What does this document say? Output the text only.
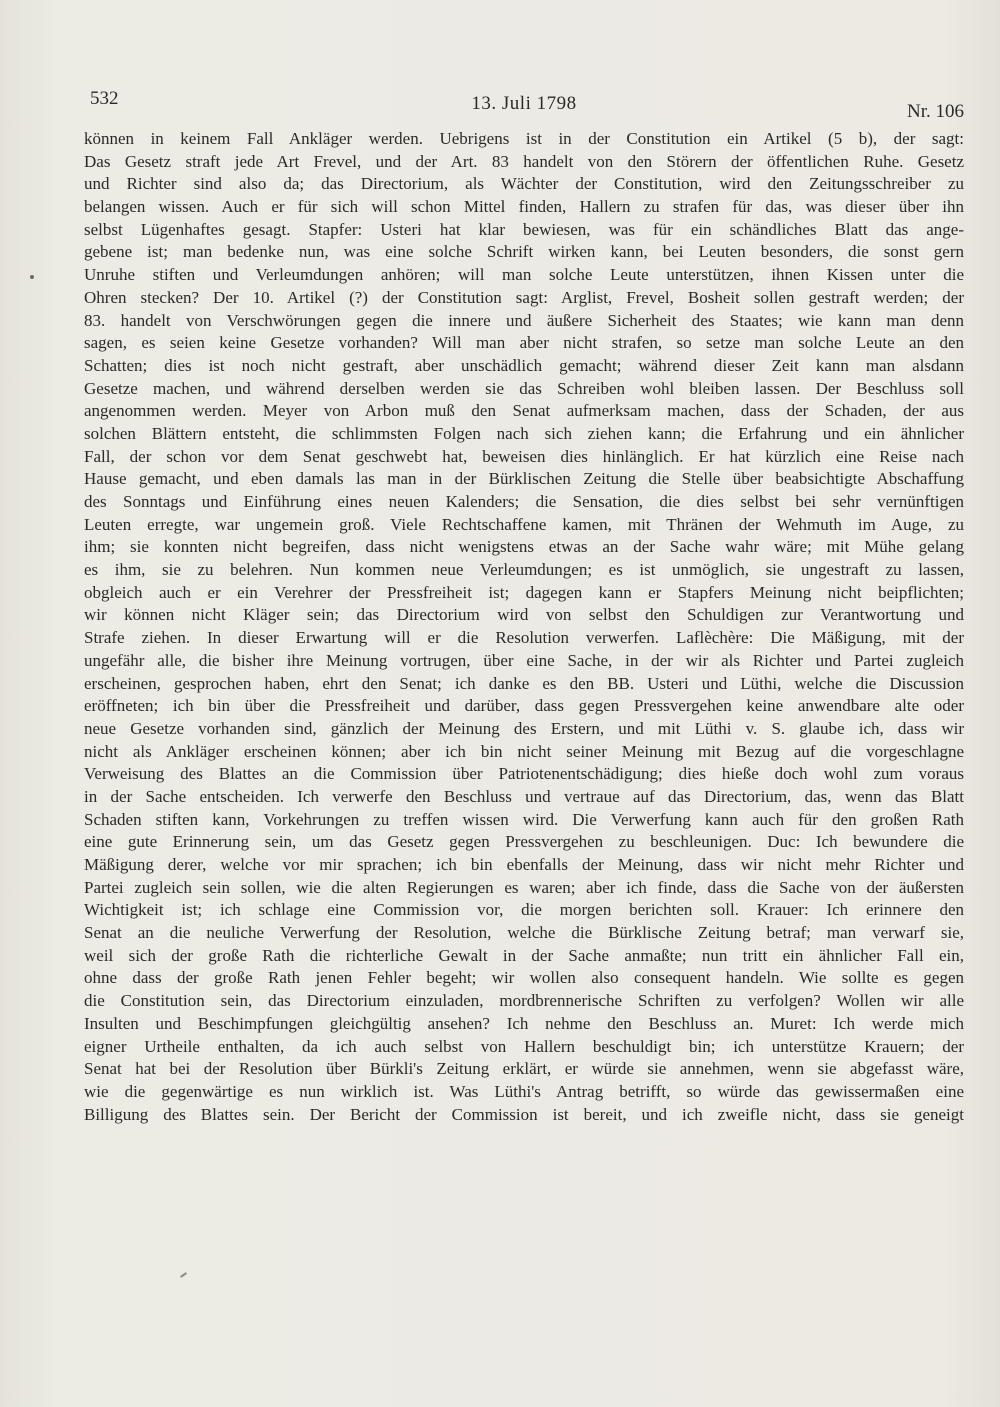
532	13. Juli 1798	Nr. 106
können in keinem Fall Ankläger werden. Uebrigens ist in der Constitution ein Artikel (5 b), der sagt:
Das Gesetz straft jede Art Frevel, und der Art. 83 handelt von den Störern der öffentlichen Ruhe. Gesetz
und Richter sind also da; das Directorium, als Wächter der Constitution, wird den Zeitungsschreiber zu
belangen wissen. Auch er für sich will schon Mittel finden, Hallern zu strafen für das, was dieser über ihn
selbst Lügenhaftes gesagt. Stapfer: Usteri hat klar bewiesen, was für ein schändliches Blatt das ange-
gebene ist; man bedenke nun, was eine solche Schrift wirken kann, bei Leuten besonders, die sonst gern
Unruhe stiften und Verleumdungen anhören; will man solche Leute unterstützen, ihnen Kissen unter die
Ohren stecken? Der 10. Artikel (?) der Constitution sagt: Arglist, Frevel, Bosheit sollen gestraft werden; der
83. handelt von Verschwörungen gegen die innere und äußere Sicherheit des Staates; wie kann man denn
sagen, es seien keine Gesetze vorhanden? Will man aber nicht strafen, so setze man solche Leute an den
Schatten; dies ist noch nicht gestraft, aber unschädlich gemacht; während dieser Zeit kann man alsdann
Gesetze machen, und während derselben werden sie das Schreiben wohl bleiben lassen. Der Beschluss soll
angenommen werden. Meyer von Arbon muß den Senat aufmerksam machen, dass der Schaden, der aus
solchen Blättern entsteht, die schlimmsten Folgen nach sich ziehen kann; die Erfahrung und ein ähnlicher
Fall, der schon vor dem Senat geschwebt hat, beweisen dies hinlänglich. Er hat kürzlich eine Reise nach
Hause gemacht, und eben damals las man in der Bürklischen Zeitung die Stelle über beabsichtigte Abschaffung
des Sonntags und Einführung eines neuen Kalenders; die Sensation, die dies selbst bei sehr vernünftigen
Leuten erregte, war ungemein groß. Viele Rechtschaffene kamen, mit Thränen der Wehmuth im Auge, zu
ihm; sie konnten nicht begreifen, dass nicht wenigstens etwas an der Sache wahr wäre; mit Mühe gelang
es ihm, sie zu belehren. Nun kommen neue Verleumdungen; es ist unmöglich, sie ungestraft zu lassen,
obgleich auch er ein Verehrer der Pressfreiheit ist; dagegen kann er Stapfers Meinung nicht beipflichten;
wir können nicht Kläger sein; das Directorium wird von selbst den Schuldigen zur Verantwortung und
Strafe ziehen. In dieser Erwartung will er die Resolution verwerfen. Laflèchère: Die Mäßigung, mit der
ungefähr alle, die bisher ihre Meinung vortrugen, über eine Sache, in der wir als Richter und Partei zugleich
erscheinen, gesprochen haben, ehrt den Senat; ich danke es den BB. Usteri und Lüthi, welche die Discussion
eröffneten; ich bin über die Pressfreiheit und darüber, dass gegen Pressvergehen keine anwendbare alte oder
neue Gesetze vorhanden sind, gänzlich der Meinung des Erstern, und mit Lüthi v. S. glaube ich, dass wir
nicht als Ankläger erscheinen können; aber ich bin nicht seiner Meinung mit Bezug auf die vorgeschlagne
Verweisung des Blattes an die Commission über Patriotenentschädigung; dies hieße doch wohl zum voraus
in der Sache entscheiden. Ich verwerfe den Beschluss und vertraue auf das Directorium, das, wenn das Blatt
Schaden stiften kann, Vorkehrungen zu treffen wissen wird. Die Verwerfung kann auch für den großen Rath
eine gute Erinnerung sein, um das Gesetz gegen Pressvergehen zu beschleunigen. Duc: Ich bewundere die
Mäßigung derer, welche vor mir sprachen; ich bin ebenfalls der Meinung, dass wir nicht mehr Richter und
Partei zugleich sein sollen, wie die alten Regierungen es waren; aber ich finde, dass die Sache von der äußersten
Wichtigkeit ist; ich schlage eine Commission vor, die morgen berichten soll. Krauer: Ich erinnere den
Senat an die neuliche Verwerfung der Resolution, welche die Bürklische Zeitung betraf; man verwarf sie,
weil sich der große Rath die richterliche Gewalt in der Sache anmaßte; nun tritt ein ähnlicher Fall ein,
ohne dass der große Rath jenen Fehler begeht; wir wollen also consequent handeln. Wie sollte es gegen
die Constitution sein, das Directorium einzuladen, mordbrennerische Schriften zu verfolgen? Wollen wir alle
Insulten und Beschimpfungen gleichgültig ansehen? Ich nehme den Beschluss an. Muret: Ich werde mich
eigner Urtheile enthalten, da ich auch selbst von Hallern beschuldigt bin; ich unterstütze Krauern; der
Senat hat bei der Resolution über Bürkli's Zeitung erklärt, er würde sie annehmen, wenn sie abgefasst wäre,
wie die gegenwärtige es nun wirklich ist. Was Lüthi's Antrag betrifft, so würde das gewissermaßen eine
Billigung des Blattes sein. Der Bericht der Commission ist bereit, und ich zweifle nicht, dass sie geneigt
